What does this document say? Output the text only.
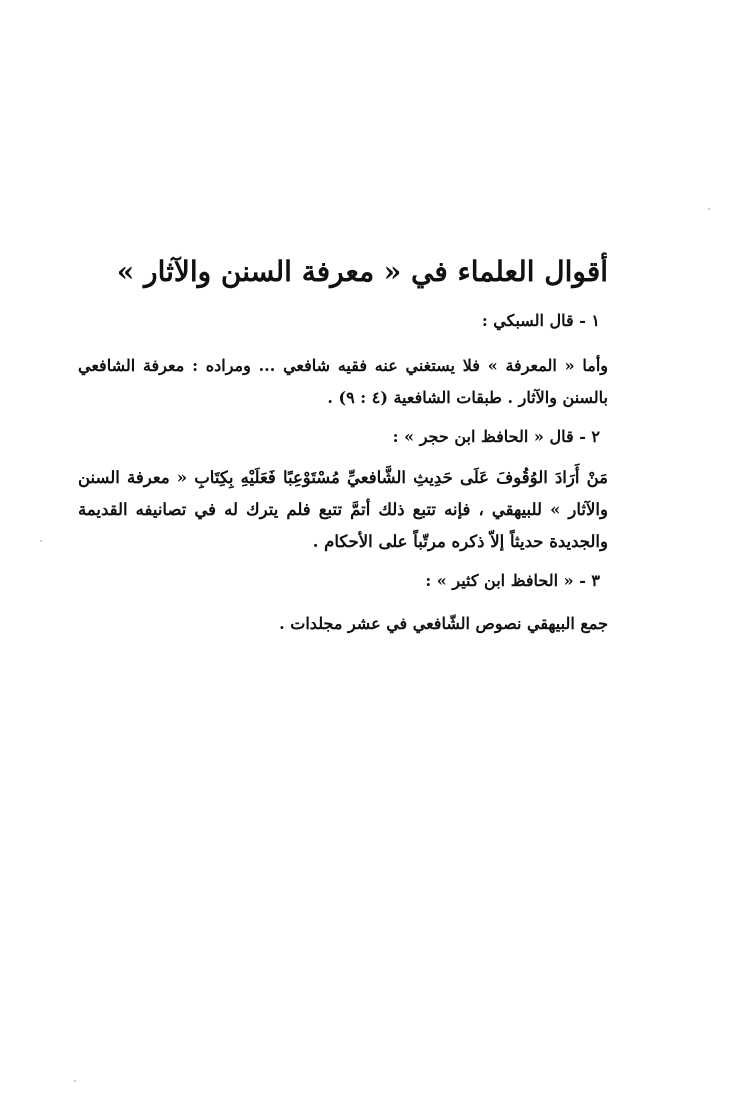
أقوال العلماء في « معرفة السنن والآثار »

١ - قال السبكي :

وأما « المعرفة » فلا يستغني عنه فقيه شافعي ... ومراده : معرفة الشافعي بالسنن والآثار . طبقات الشافعية (٤ : ٩) .

٢ - قال « الحافظ ابن حجر » :

مَنْ أَرَادَ الوُقُوفَ عَلَى حَدِيثِ الشَّافعيِّ مُسْتَوْعِبًا فَعَلَيْهِ بِكِتَابِ « معرفة السنن والآثار » للبيهقي ، فإنه تتبع ذلك أتمَّ تتبع فلم يترك له في تصانيفه القديمة والجديدة حديثاً إلاّ ذكره مرتّباً على الأحكام .

٣ - « الحافظ ابن كثير » :

جمع البيهقي نصوص الشّافعي في عشر مجلدات .
